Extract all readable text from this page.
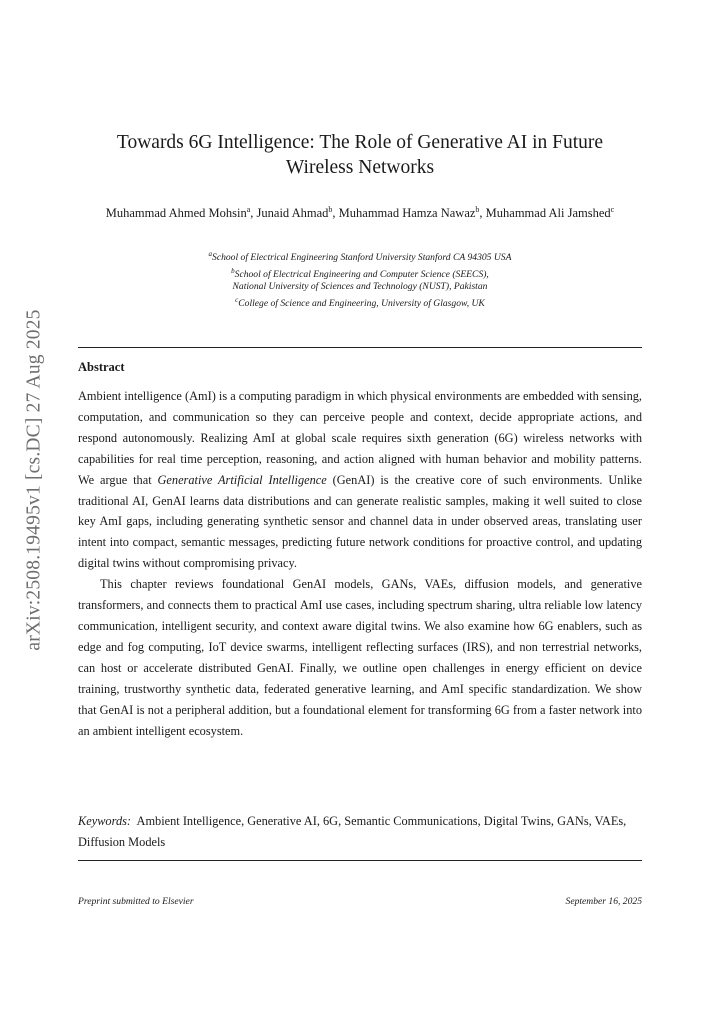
arXiv:2508.19495v1 [cs.DC] 27 Aug 2025
Towards 6G Intelligence: The Role of Generative AI in Future
Wireless Networks
Muhammad Ahmed Mohsin$^a$, Junaid Ahmad$^b$, Muhammad Hamza Nawaz$^b$, Muhammad Ali Jamshed$^c$
$^a$School of Electrical Engineering Stanford University Stanford CA 94305 USA
$^b$School of Electrical Engineering and Computer Science (SEECS),
National University of Sciences and Technology (NUST), Pakistan
$^c$College of Science and Engineering, University of Glasgow, UK
Abstract

Ambient intelligence (AmI) is a computing paradigm in which physical environments are embedded with sensing, computation, and communication so they can perceive people and context, decide appropriate actions, and respond autonomously. Realizing AmI at global scale requires sixth generation (6G) wireless networks with capabilities for real time perception, reasoning, and action aligned with human behavior and mobility patterns. We argue that Generative Artificial Intelligence (GenAI) is the creative core of such environments. Unlike traditional AI, GenAI learns data distributions and can generate realistic samples, making it well suited to close key AmI gaps, including generating synthetic sensor and channel data in under observed areas, translating user intent into compact, semantic messages, predicting future network conditions for proactive control, and updating digital twins without compromising privacy.

This chapter reviews foundational GenAI models, GANs, VAEs, diffusion models, and generative transformers, and connects them to practical AmI use cases, including spectrum sharing, ultra reliable low latency communication, intelligent security, and context aware digital twins. We also examine how 6G enablers, such as edge and fog computing, IoT device swarms, intelligent reflecting surfaces (IRS), and non terrestrial networks, can host or accelerate distributed GenAI. Finally, we outline open challenges in energy efficient on device training, trustworthy synthetic data, federated generative learning, and AmI specific standardization. We show that GenAI is not a peripheral addition, but a foundational element for transforming 6G from a faster network into an ambient intelligent ecosystem.

Keywords: Ambient Intelligence, Generative AI, 6G, Semantic Communications, Digital Twins, GANs, VAEs, Diffusion Models
Preprint submitted to Elsevier	September 16, 2025
